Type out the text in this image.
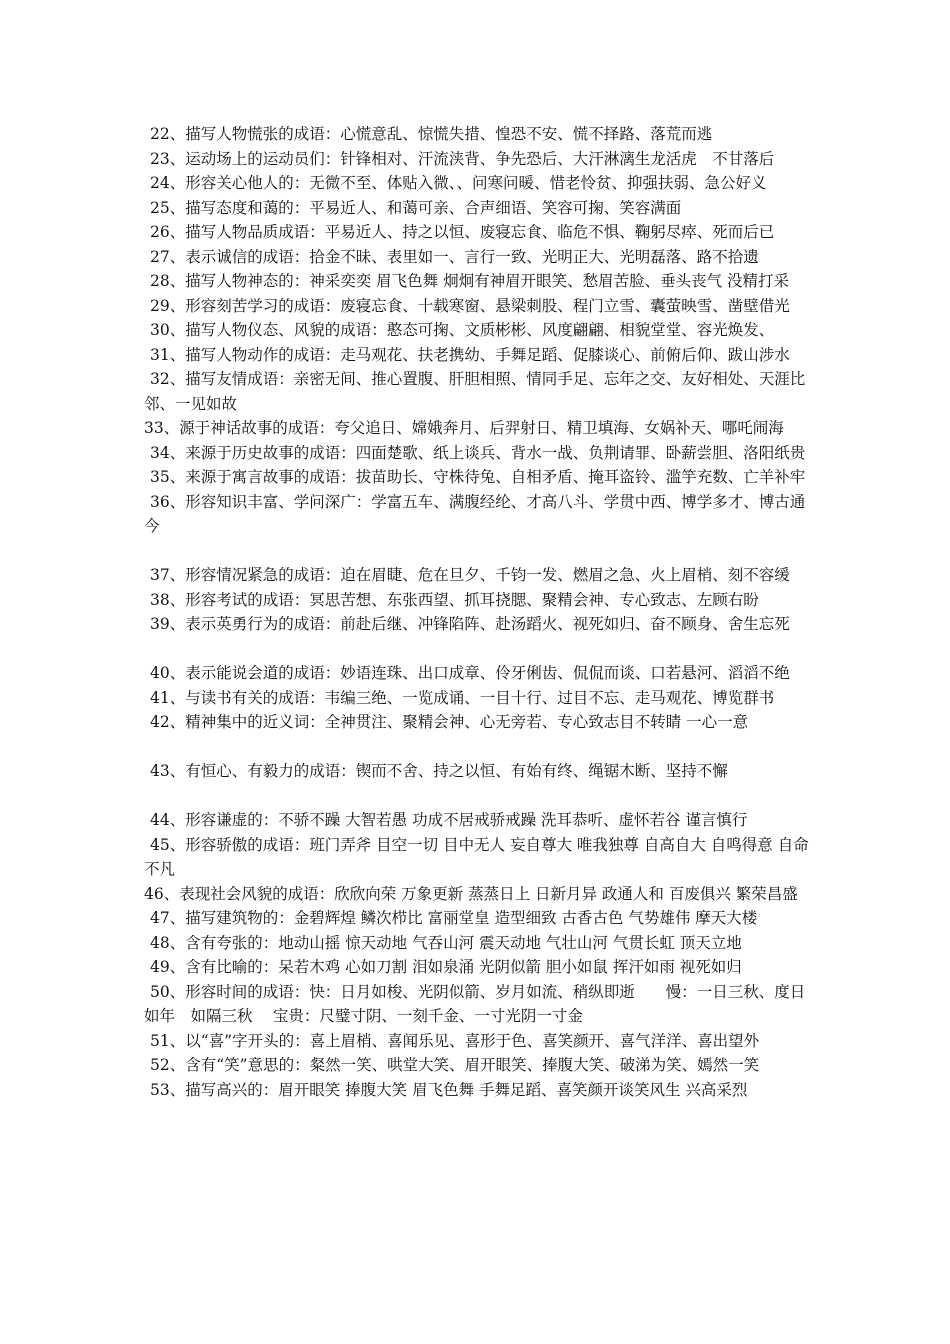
22、描写人物慌张的成语：心慌意乱、惊慌失措、惶恐不安、慌不择路、落荒而逃

23、运动场上的运动员们：针锋相对、汗流浃背、争先恐后、大汗淋漓生龙活虎　不甘落后

24、形容关心他人的：无微不至、体贴入微、、问寒问暖、惜老怜贫、抑强扶弱、急公好义

25、描写态度和蔼的：平易近人、和蔼可亲、合声细语、笑容可掬、笑容满面

26、描写人物品质成语：平易近人、持之以恒、废寝忘食、临危不惧、鞠躬尽瘁、死而后已

27、表示诚信的成语：拾金不昧、表里如一、言行一致、光明正大、光明磊落、路不拾遗

28、描写人物神态的：神采奕奕 眉飞色舞 炯炯有神眉开眼笑、愁眉苦脸、垂头丧气 没精打采

29、形容刻苦学习的成语：废寝忘食、十载寒窗、悬梁刺股、程门立雪、囊萤映雪、凿壁借光

30、描写人物仪态、风貌的成语：憨态可掬、文质彬彬、风度翩翩、相貌堂堂、容光焕发、

31、描写人物动作的成语：走马观花、扶老携幼、手舞足蹈、促膝谈心、前俯后仰、跋山涉水

32、描写友情成语：亲密无间、推心置腹、肝胆相照、情同手足、忘年之交、友好相处、天涯比邻、一见如故

33、源于神话故事的成语：夸父追日、嫦娥奔月、后羿射日、精卫填海、女娲补天、哪吒闹海

34、来源于历史故事的成语：四面楚歌、纸上谈兵、背水一战、负荆请罪、卧薪尝胆、洛阳纸贵

35、来源于寓言故事的成语：拔苗助长、守株待兔、自相矛盾、掩耳盗铃、滥竽充数、亡羊补牢

36、形容知识丰富、学问深广：学富五车、满腹经纶、才高八斗、学贯中西、博学多才、博古通今

37、形容情况紧急的成语：迫在眉睫、危在旦夕、千钧一发、燃眉之急、火上眉梢、刻不容缓

38、形容考试的成语：冥思苦想、东张西望、抓耳挠腮、聚精会神、专心致志、左顾右盼

39、表示英勇行为的成语：前赴后继、冲锋陷阵、赴汤蹈火、视死如归、奋不顾身、舍生忘死

40、表示能说会道的成语：妙语连珠、出口成章、伶牙俐齿、侃侃而谈、口若悬河、滔滔不绝

41、与读书有关的成语：韦编三绝、一览成诵、一目十行、过目不忘、走马观花、博览群书

42、精神集中的近义词：全神贯注、聚精会神、心无旁若、专心致志目不转睛 一心一意

43、有恒心、有毅力的成语：锲而不舍、持之以恒、有始有终、绳锯木断、坚持不懈

44、形容谦虚的：不骄不躁 大智若愚 功成不居戒骄戒躁 洗耳恭听、虚怀若谷 谨言慎行

45、形容骄傲的成语：班门弄斧 目空一切 目中无人 妄自尊大 唯我独尊 自高自大 自鸣得意 自命不凡

46、表现社会风貌的成语：欣欣向荣 万象更新 蒸蒸日上 日新月异 政通人和 百废俱兴 繁荣昌盛

47、描写建筑物的：金碧辉煌 鳞次栉比 富丽堂皇 造型细致 古香古色 气势雄伟 摩天大楼

48、含有夸张的：地动山摇 惊天动地 气吞山河 震天动地 气壮山河 气贯长虹 顶天立地

49、含有比喻的：呆若木鸡 心如刀割 泪如泉涌 光阴似箭 胆小如鼠 挥汗如雨 视死如归

50、形容时间的成语：快：日月如梭、光阴似箭、岁月如流、稍纵即逝　　慢：一日三秋、度日如年　如隔三秋　 宝贵：尺璧寸阴、一刻千金、一寸光阴一寸金

51、以“喜”字开头的：喜上眉梢、喜闻乐见、喜形于色、喜笑颜开、喜气洋洋、喜出望外

52、含有“笑”意思的：粲然一笑、哄堂大笑、眉开眼笑、捧腹大笑、破涕为笑、嫣然一笑

53、描写高兴的：眉开眼笑 捧腹大笑 眉飞色舞 手舞足蹈、喜笑颜开谈笑风生 兴高采烈
